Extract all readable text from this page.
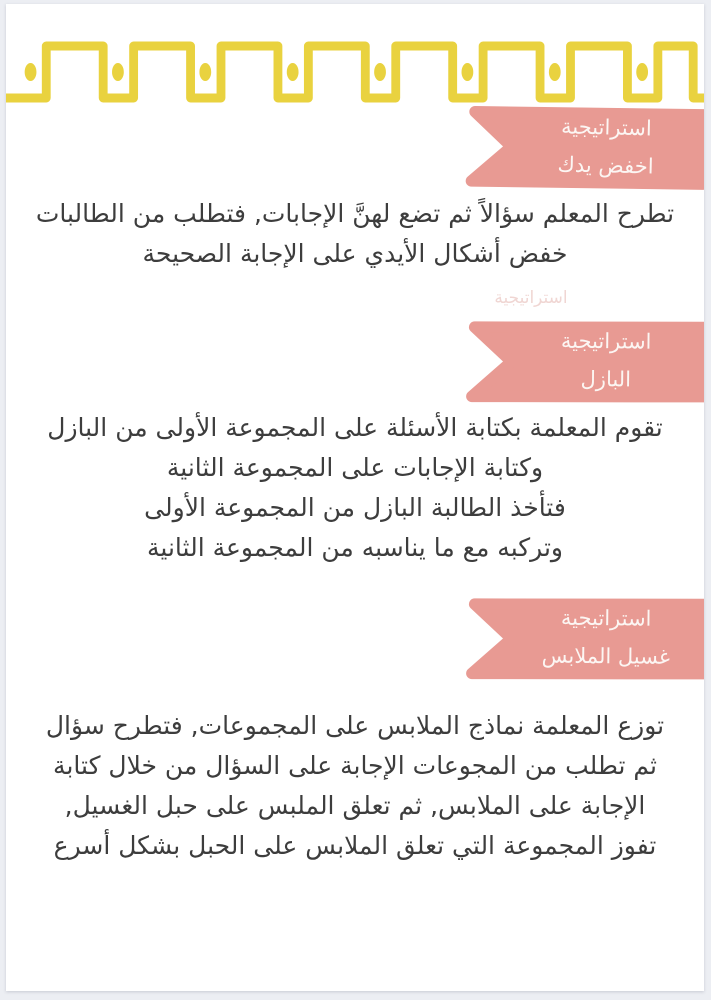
استراتيجية
استراتيجية
اخفض يدك
تطرح المعلم سؤالاً ثم تضع لهنَّ الإجابات, فتطلب من الطالبات
خفض أشكال الأيدي على الإجابة الصحيحة
استراتيجية
البازل
تقوم المعلمة بكتابة الأسئلة على المجموعة الأولى من البازل
وكتابة الإجابات على المجموعة الثانية
فتأخذ الطالبة البازل من المجموعة الأولى
وتركبه مع ما يناسبه من المجموعة الثانية
استراتيجية
غسيل الملابس
توزع المعلمة نماذج الملابس على المجموعات, فتطرح سؤال
ثم تطلب من المجوعات الإجابة على السؤال من خلال كتابة
الإجابة على الملابس, ثم تعلق الملبس على حبل الغسيل,
تفوز المجموعة التي تعلق الملابس على الحبل بشكل أسرع
